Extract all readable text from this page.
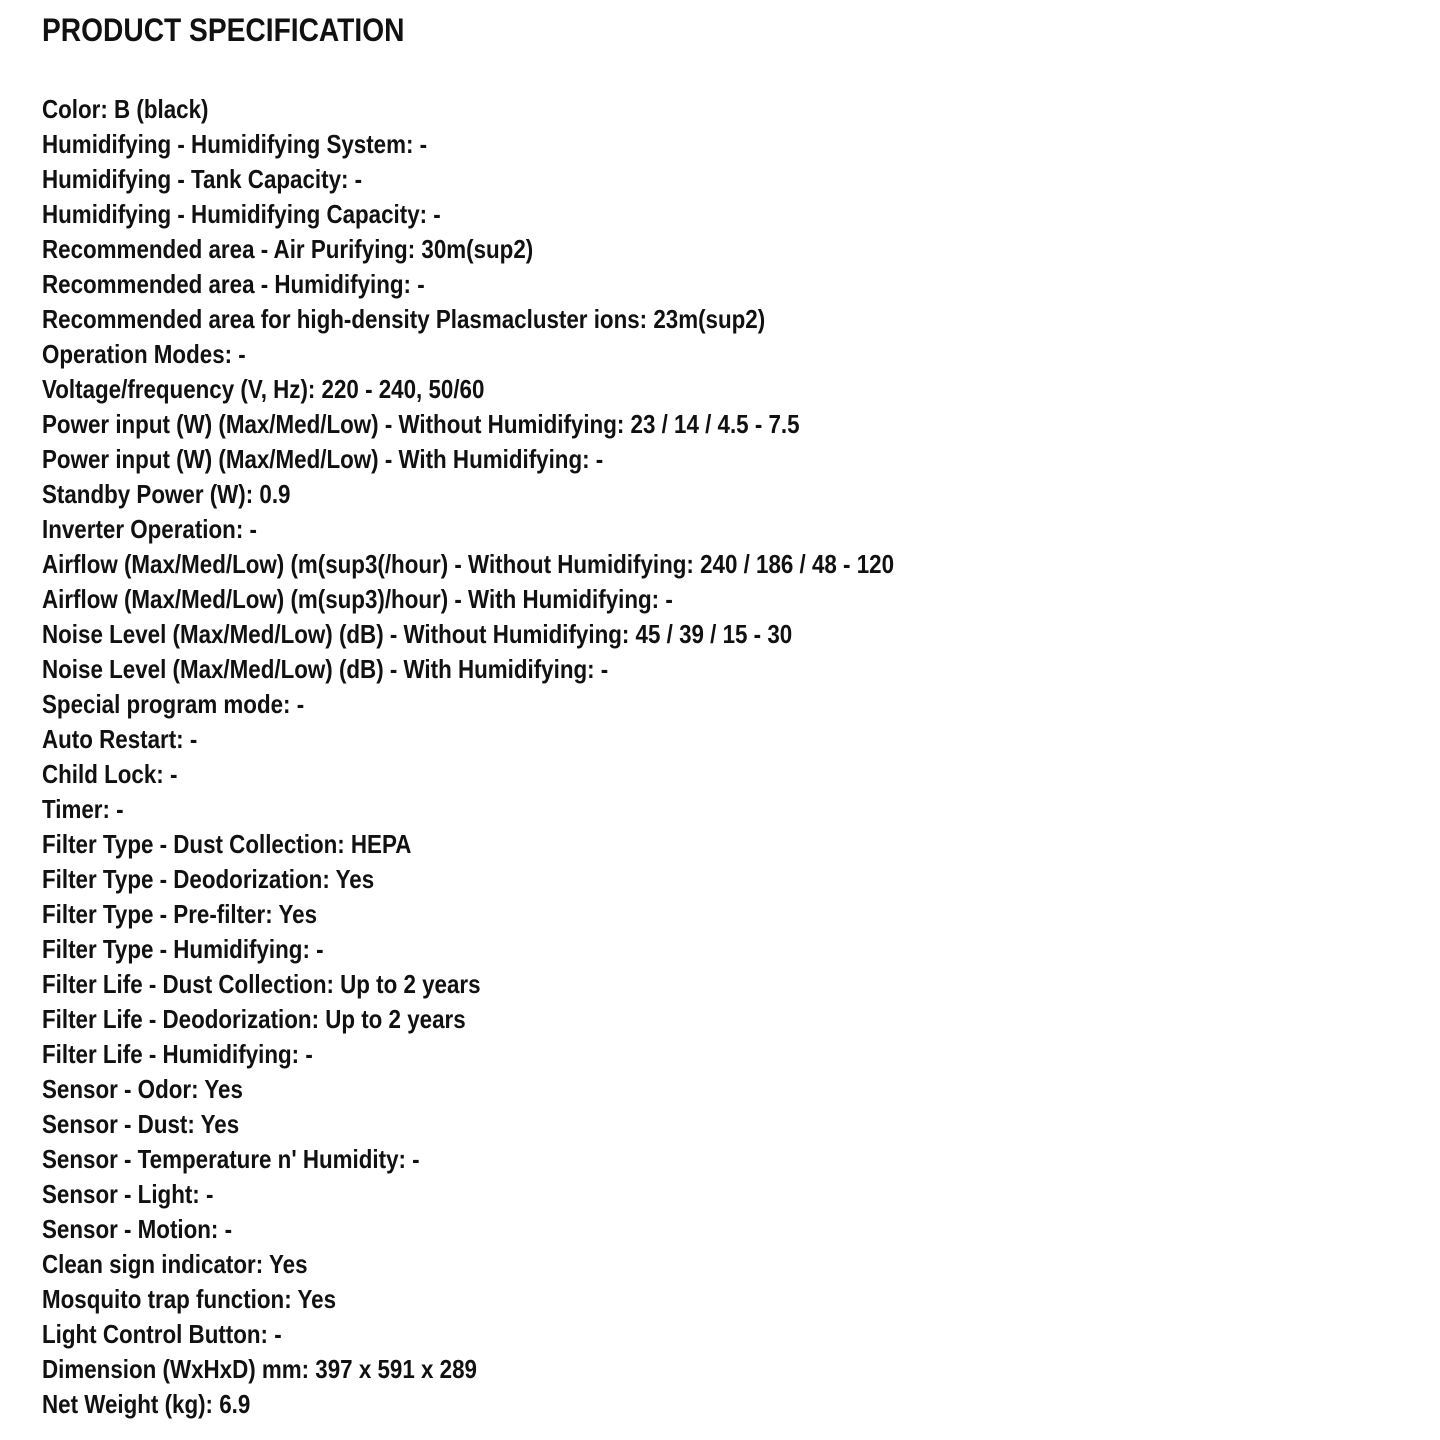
PRODUCT SPECIFICATION
Color: B (black)
Humidifying - Humidifying System: -
Humidifying - Tank Capacity: -
Humidifying - Humidifying Capacity: -
Recommended area - Air Purifying: 30m(sup2)
Recommended area - Humidifying: -
Recommended area for high-density Plasmacluster ions: 23m(sup2)
Operation Modes: -
Voltage/frequency (V, Hz): 220 - 240, 50/60
Power input (W) (Max/Med/Low) - Without Humidifying: 23 / 14 / 4.5 - 7.5
Power input (W) (Max/Med/Low) - With Humidifying: -
Standby Power (W): 0.9
Inverter Operation: -
Airflow (Max/Med/Low) (m(sup3(/hour) - Without Humidifying: 240 / 186 / 48 - 120
Airflow (Max/Med/Low) (m(sup3)/hour) - With Humidifying: -
Noise Level (Max/Med/Low) (dB) - Without Humidifying: 45 / 39 / 15 - 30
Noise Level (Max/Med/Low) (dB) - With Humidifying: -
Special program mode: -
Auto Restart: -
Child Lock: -
Timer: -
Filter Type - Dust Collection: HEPA
Filter Type - Deodorization: Yes
Filter Type - Pre-filter: Yes
Filter Type - Humidifying: -
Filter Life - Dust Collection: Up to 2 years
Filter Life - Deodorization: Up to 2 years
Filter Life - Humidifying: -
Sensor - Odor: Yes
Sensor - Dust: Yes
Sensor - Temperature n' Humidity: -
Sensor - Light: -
Sensor - Motion: -
Clean sign indicator: Yes
Mosquito trap function: Yes
Light Control Button: -
Dimension (WxHxD) mm: 397 x 591 x 289
Net Weight (kg): 6.9
